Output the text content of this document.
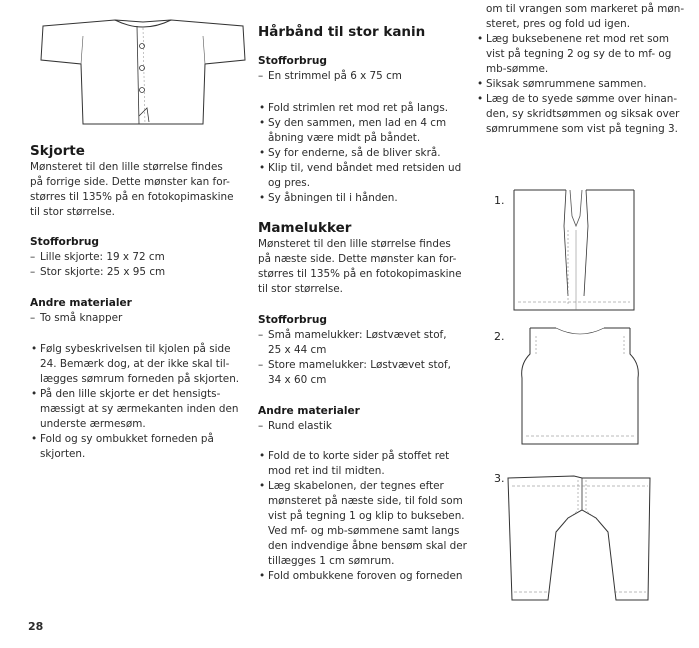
Skjorte
Mønsteret til den lille størrelse findes
på forrige side. Dette mønster kan for-
størres til 135% på en fotokopimaskine
til stor størrelse.
Stofforbrug
– Lille skjorte: 19 x 72 cm
– Stor skjorte: 25 x 95 cm
Andre materialer
– To små knapper
• Følg sybeskrivelsen til kjolen på side
24. Bemærk dog, at der ikke skal til-
lægges sømrum forneden på skjorten.
• På den lille skjorte er det hensigts-
mæssigt at sy ærmekanten inden den
underste ærmesøm.
• Fold og sy ombukket forneden på
skjorten.
Hårbånd til stor kanin
Stofforbrug
– En strimmel på 6 x 75 cm
• Fold strimlen ret mod ret på langs.
• Sy den sammen, men lad en 4 cm
åbning være midt på båndet.
• Sy for enderne, så de bliver skrå.
• Klip til, vend båndet med retsiden ud
og pres.
• Sy åbningen til i hånden.
Mamelukker
Mønsteret til den lille størrelse findes
på næste side. Dette mønster kan for-
størres til 135% på en fotokopimaskine
til stor størrelse.
Stofforbrug
– Små mamelukker: Løstvævet stof,
25 x 44 cm
– Store mamelukker: Løstvævet stof,
34 x 60 cm
Andre materialer
– Rund elastik
• Fold de to korte sider på stoffet ret
mod ret ind til midten.
• Læg skabelonen, der tegnes efter
mønsteret på næste side, til fold som
vist på tegning 1 og klip to bukseben.
Ved mf- og mb-sømmene samt langs
den indvendige åbne bensøm skal der
tillægges 1 cm sømrum.
• Fold ombukkene foroven og forneden
om til vrangen som markeret på møn-
steret, pres og fold ud igen.
• Læg buksebenene ret mod ret som
vist på tegning 2 og sy de to mf- og
mb-sømme.
• Siksak sømrummene sammen.
• Læg de to syede sømme over hinan-
den, sy skridtsømmen og siksak over
sømrummene som vist på tegning 3.
1.
2.
3.
28
